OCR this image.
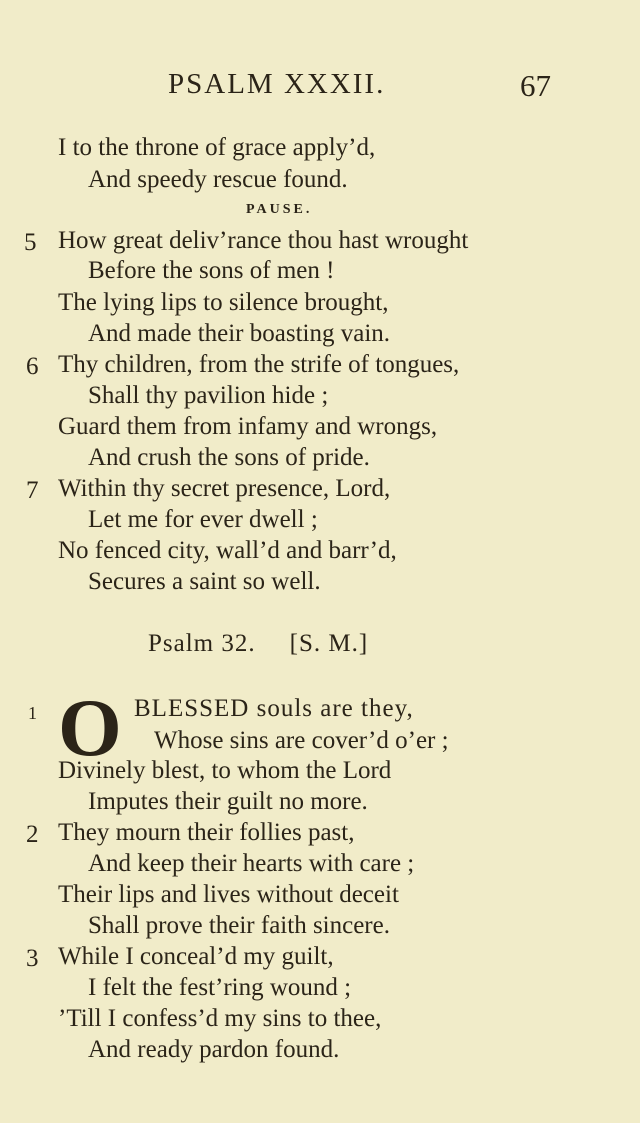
PSALM XXXII.	67
I to the throne of grace apply’d,
And speedy rescue found.
PAUSE.
5 How great deliv’rance thou hast wrought
Before the sons of men !
The lying lips to silence brought,
And made their boasting vain.
6 Thy children, from the strife of tongues,
Shall thy pavilion hide ;
Guard them from infamy and wrongs,
And crush the sons of pride.
7 Within thy secret presence, Lord,
Let me for ever dwell ;
No fenced city, wall’d and barr’d,
Secures a saint so well.
Psalm 32. [S. M.]
1 O BLESSED souls are they,
Whose sins are cover’d o’er ;
Divinely blest, to whom the Lord
Imputes their guilt no more.
2 They mourn their follies past,
And keep their hearts with care ;
Their lips and lives without deceit
Shall prove their faith sincere.
3 While I conceal’d my guilt,
I felt the fest’ring wound ;
’Till I confess’d my sins to thee,
And ready pardon found.
